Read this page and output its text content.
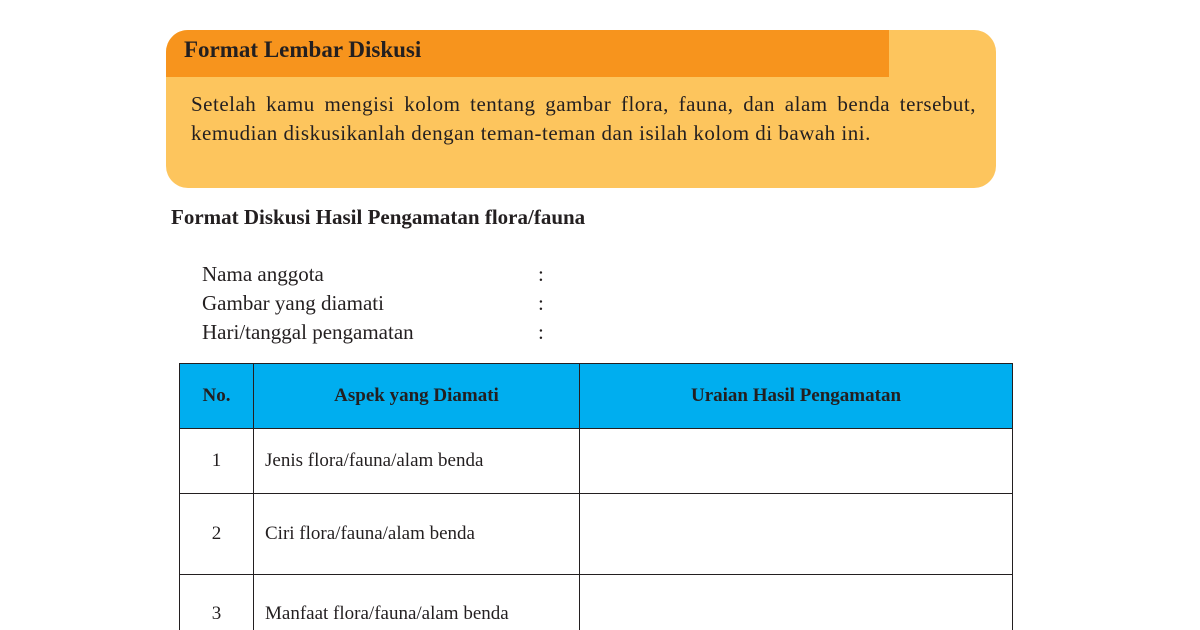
Format Lembar Diskusi
Setelah kamu mengisi kolom tentang gambar flora, fauna, dan alam benda tersebut, kemudian diskusikanlah dengan teman-teman dan isilah kolom di bawah ini.
Format Diskusi Hasil Pengamatan flora/fauna
Nama anggota	:
Gambar yang diamati	:
Hari/tanggal pengamatan	:
No.	Aspek yang Diamati	Uraian Hasil Pengamatan
1	Jenis flora/fauna/alam benda	
2	Ciri flora/fauna/alam benda	
3	Manfaat flora/fauna/alam benda	
